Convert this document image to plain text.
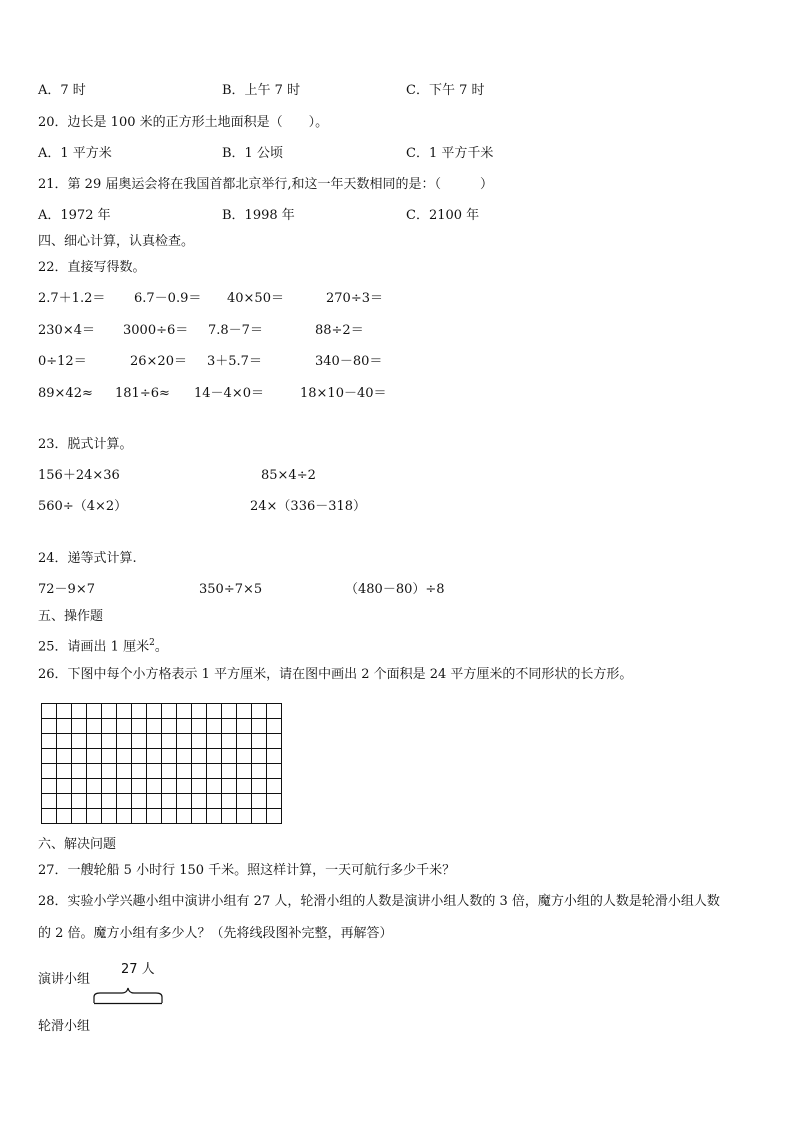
A．7 时	B．上午 7 时	C．下午 7 时
20．边长是 100 米的正方形土地面积是（　　）。
A．1 平方米	B．1 公顷	C．1 平方千米
21．第 29 届奥运会将在我国首都北京举行,和这一年天数相同的是：（　　　）
A．1972 年	B．1998 年	C．2100 年
四、细心计算，认真检查。
22．直接写得数。
2.7＋1.2＝ 6.7－0.9＝ 40×50＝	270÷3＝
230×4＝ 3000÷6＝ 7.8－7＝	88÷2＝
0÷12＝	26×20＝ 3＋5.7＝	340－80＝
89×42≈ 181÷6≈ 14－4×0＝	18×10－40＝
23．脱式计算。
156＋24×36	85×4÷2
560÷（4×2）	24×（336－318）
24．递等式计算.
72－9×7	350÷7×5	（480－80）÷8
五、操作题
25．请画出 1 厘米$^2$。
26．下图中每个小方格表示 1 平方厘米，请在图中画出 2 个面积是 24 平方厘米的不同形状的长方形。
六、解决问题
27．一艘轮船 5 小时行 150 千米。照这样计算，一天可航行多少千米？
28．实验小学兴趣小组中演讲小组有 27 人，轮滑小组的人数是演讲小组人数的 3 倍，魔方小组的人数是轮滑小组人数
的 2 倍。魔方小组有多少人？（先将线段图补完整，再解答）
演讲小组
27 人
轮滑小组
